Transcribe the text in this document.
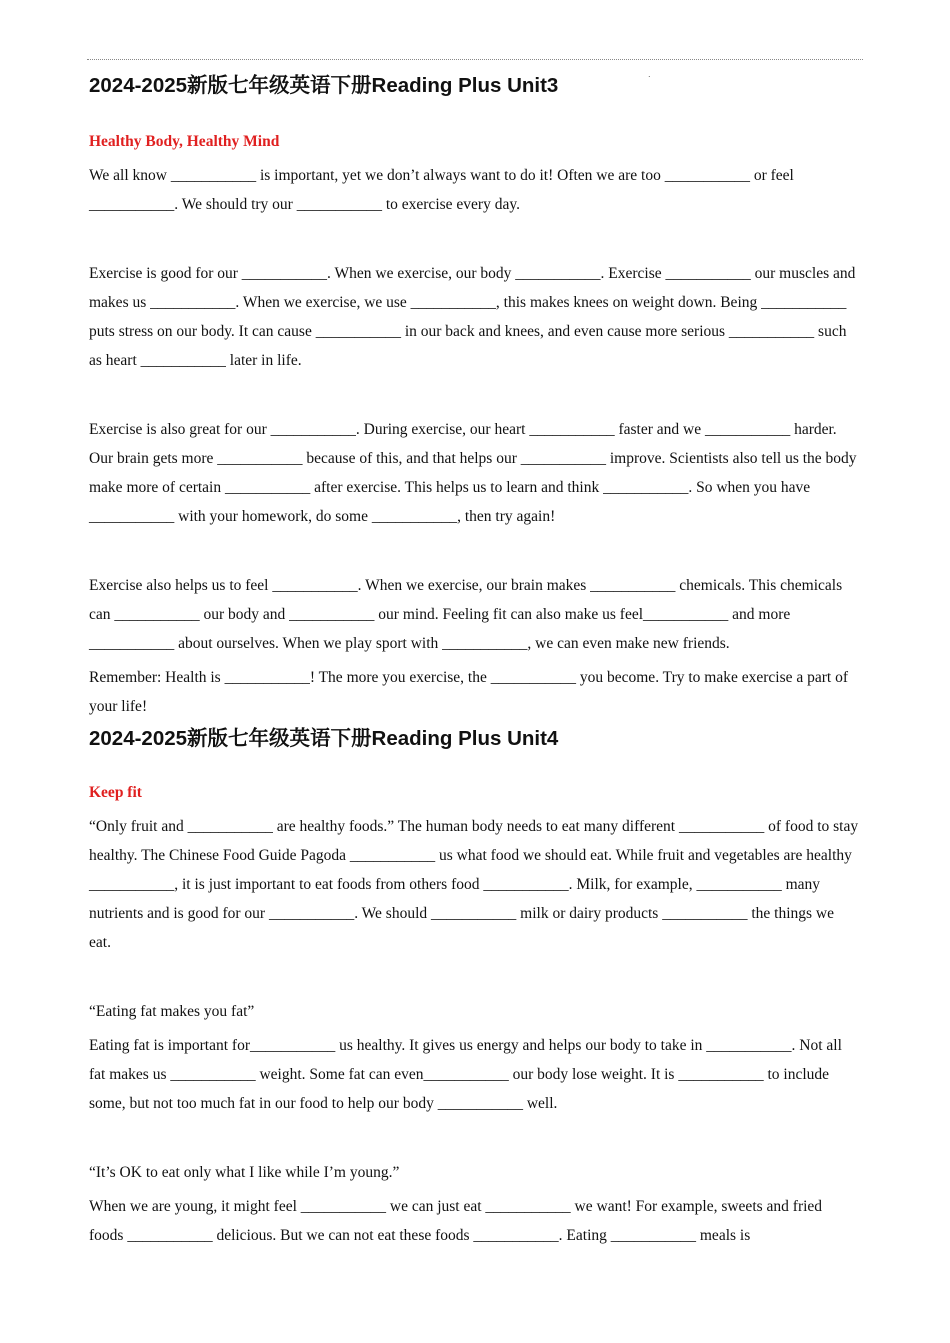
.
2024-2025新版七年级英语下册Reading Plus Unit3
Healthy Body, Healthy Mind

We all know ___________ is important, yet we don’t always want to do it! Often we are too ___________ or feel ___________. We should try our ___________ to exercise every day.

Exercise is good for our ___________. When we exercise, our body ___________. Exercise ___________ our muscles and makes us ___________. When we exercise, we use ___________, this makes knees on weight down. Being ___________ puts stress on our body. It can cause ___________ in our back and knees, and even cause more serious ___________ such as heart ___________ later in life.

Exercise is also great for our ___________. During exercise, our heart ___________ faster and we ___________ harder. Our brain gets more ___________ because of this, and that helps our ___________ improve. Scientists also tell us the body make more of certain ___________ after exercise. This helps us to learn and think ___________. So when you have ___________ with your homework, do some ___________, then try again!

Exercise also helps us to feel ___________. When we exercise, our brain makes ___________ chemicals. This chemicals can ___________ our body and ___________ our mind. Feeling fit can also make us feel___________ and more ___________ about ourselves. When we play sport with ___________, we can even make new friends.

Remember: Health is ___________! The more you exercise, the ___________ you become. Try to make exercise a part of your life!

2024-2025新版七年级英语下册Reading Plus Unit4
Keep fit

“Only fruit and ___________ are healthy foods.” The human body needs to eat many different ___________ of food to stay healthy. The Chinese Food Guide Pagoda ___________ us what food we should eat. While fruit and vegetables are healthy ___________, it is just important to eat foods from others food ___________. Milk, for example, ___________ many nutrients and is good for our ___________. We should ___________ milk or dairy products ___________ the things we eat.

“Eating fat makes you fat”

Eating fat is important for___________ us healthy. It gives us energy and helps our body to take in ___________. Not all fat makes us ___________ weight. Some fat can even___________ our body lose weight. It is ___________ to include some, but not too much fat in our food to help our body ___________ well.

“It’s OK to eat only what I like while I’m young.”

When we are young, it might feel ___________ we can just eat ___________ we want! For example, sweets and fried foods ___________ delicious. But we can not eat these foods ___________. Eating ___________ meals is
